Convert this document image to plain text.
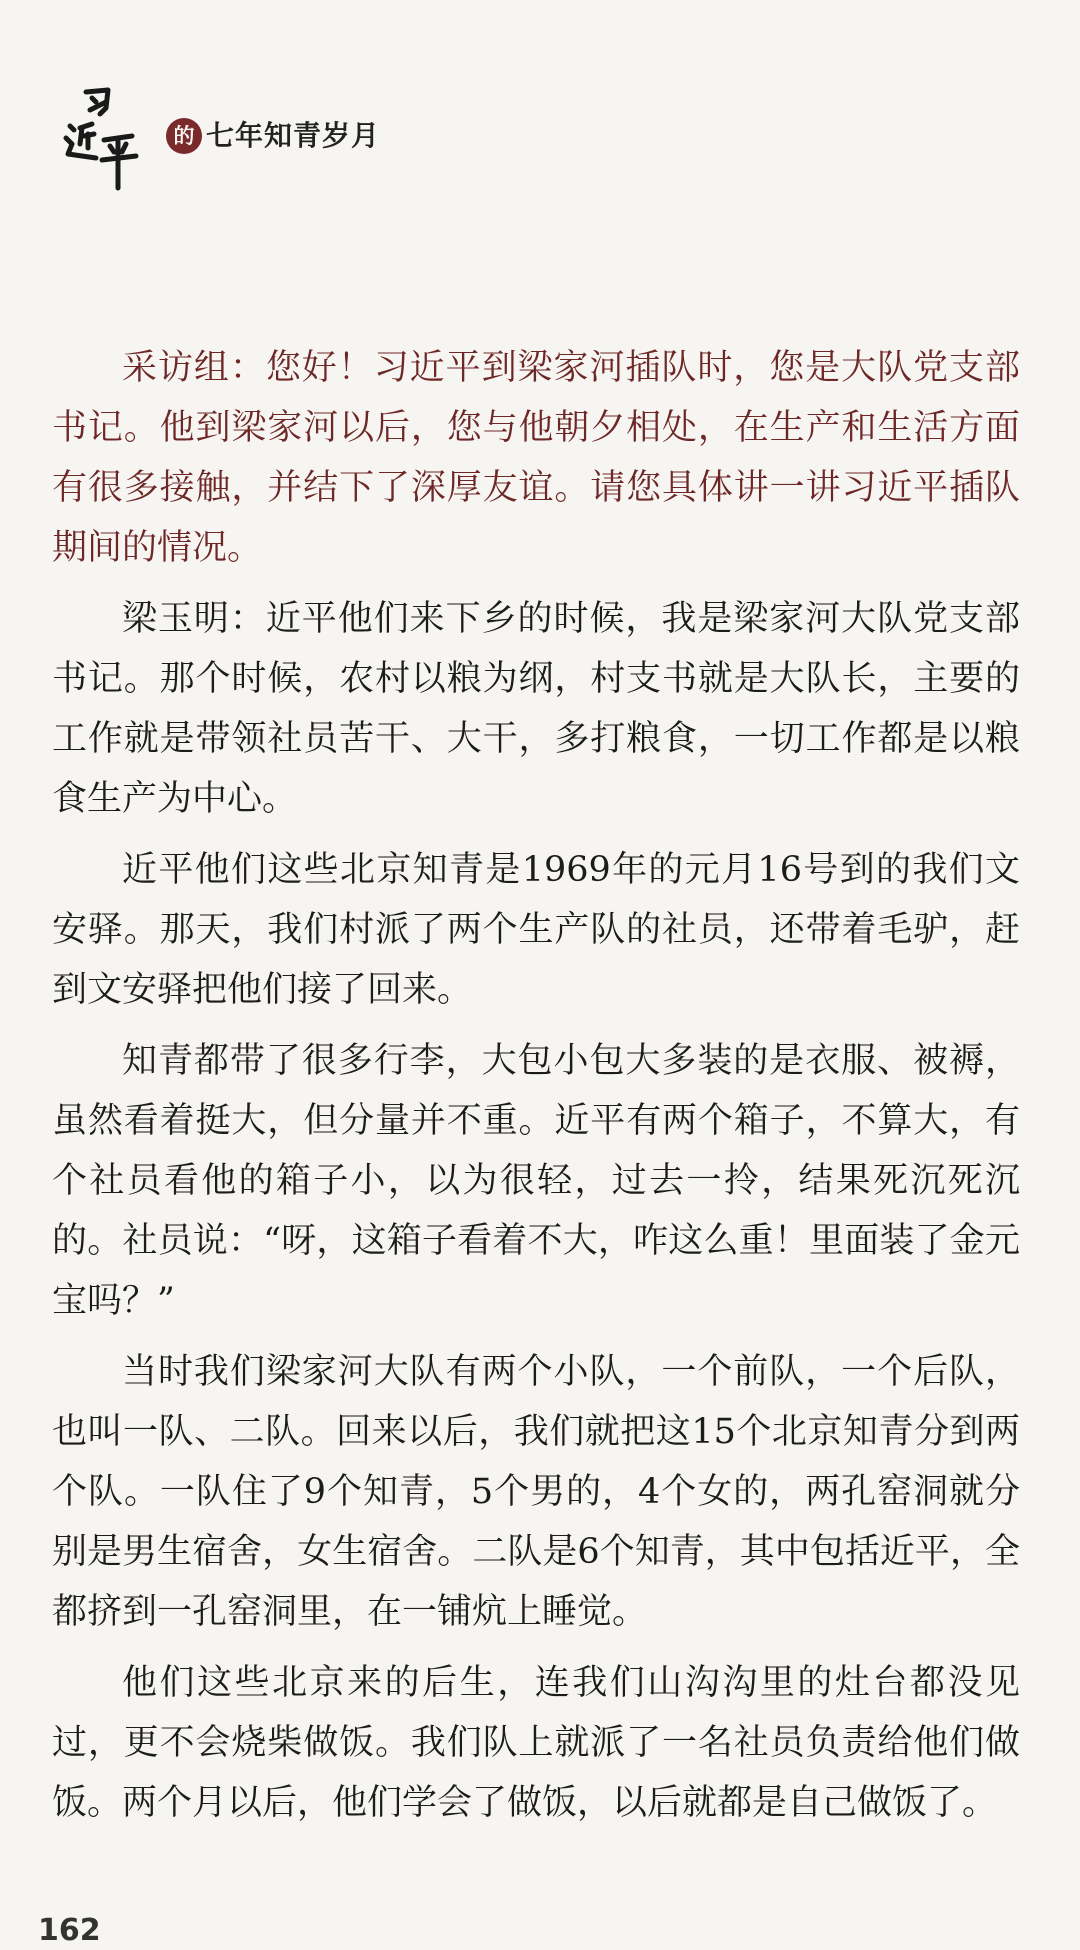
的 七年知青岁月

采访组：您好！习近平到梁家河插队时，您是大队党支部书记。他到梁家河以后，您与他朝夕相处，在生产和生活方面有很多接触，并结下了深厚友谊。请您具体讲一讲习近平插队期间的情况。

梁玉明：近平他们来下乡的时候，我是梁家河大队党支部书记。那个时候，农村以粮为纲，村支书就是大队长，主要的工作就是带领社员苦干、大干，多打粮食，一切工作都是以粮食生产为中心。

近平他们这些北京知青是1969年的元月16号到的我们文安驿。那天，我们村派了两个生产队的社员，还带着毛驴，赶到文安驿把他们接了回来。

知青都带了很多行李，大包小包大多装的是衣服、被褥，虽然看着挺大，但分量并不重。近平有两个箱子，不算大，有个社员看他的箱子小，以为很轻，过去一拎，结果死沉死沉的。社员说：“呀，这箱子看着不大，咋这么重！里面装了金元宝吗？”

当时我们梁家河大队有两个小队，一个前队，一个后队，也叫一队、二队。回来以后，我们就把这15个北京知青分到两个队。一队住了9个知青，5个男的，4个女的，两孔窑洞就分别是男生宿舍，女生宿舍。二队是6个知青，其中包括近平，全都挤到一孔窑洞里，在一铺炕上睡觉。

他们这些北京来的后生，连我们山沟沟里的灶台都没见过，更不会烧柴做饭。我们队上就派了一名社员负责给他们做饭。两个月以后，他们学会了做饭，以后就都是自己做饭了。

162
